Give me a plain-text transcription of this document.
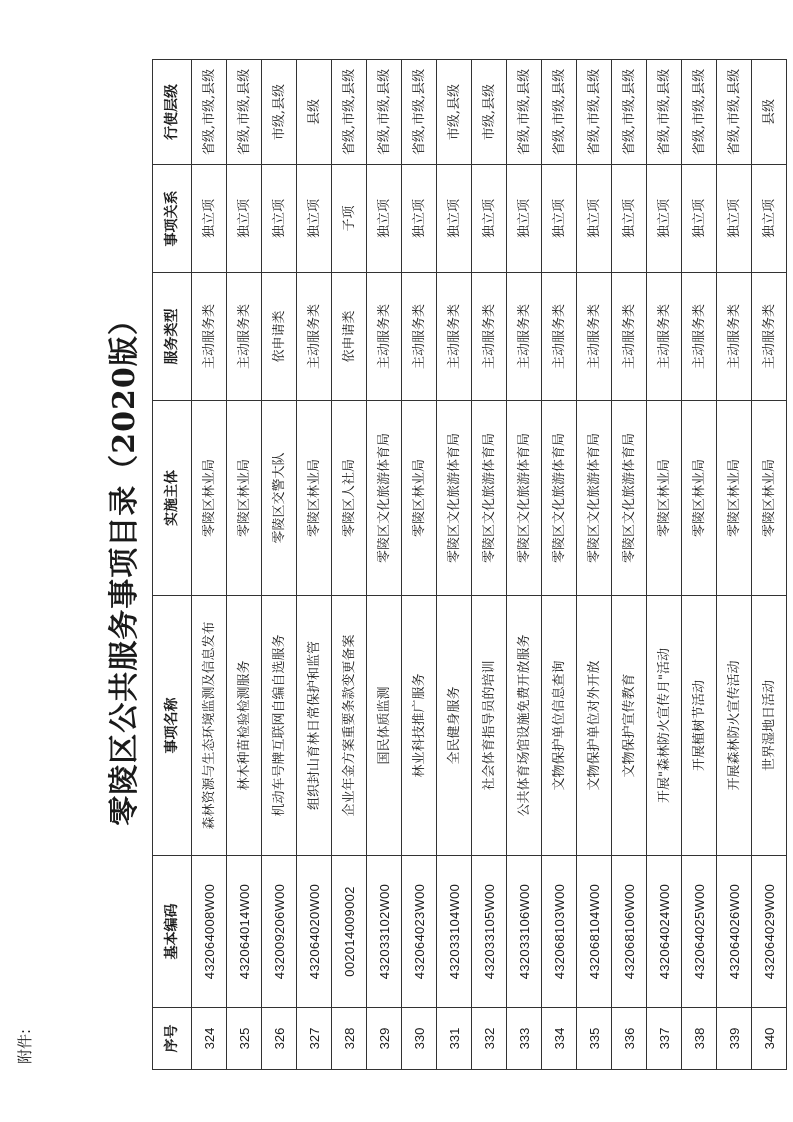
附件:
零陵区公共服务事项目录（2020版）
序号	基本编码	事项名称	实施主体	服务类型	事项关系	行使层级
324	432064008W00	森林资源与生态环境监测及信息发布	零陵区林业局	主动服务类	独立项	省级,市级,县级
325	432064014W00	林木种苗检验检测服务	零陵区林业局	主动服务类	独立项	省级,市级,县级
326	432009206W00	机动车号牌互联网自编自选服务	零陵区交警大队	依申请类	独立项	市级,县级
327	432064020W00	组织封山育林日常保护和监管	零陵区林业局	主动服务类	独立项	县级
328	002014009002	企业年金方案重要条款变更备案	零陵区人社局	依申请类	子项	省级,市级,县级
329	432033102W00	国民体质监测	零陵区文化旅游体育局	主动服务类	独立项	省级,市级,县级
330	432064023W00	林业科技推广服务	零陵区林业局	主动服务类	独立项	省级,市级,县级
331	432033104W00	全民健身服务	零陵区文化旅游体育局	主动服务类	独立项	市级,县级
332	432033105W00	社会体育指导员的培训	零陵区文化旅游体育局	主动服务类	独立项	市级,县级
333	432033106W00	公共体育场馆设施免费开放服务	零陵区文化旅游体育局	主动服务类	独立项	省级,市级,县级
334	432068103W00	文物保护单位信息查询	零陵区文化旅游体育局	主动服务类	独立项	省级,市级,县级
335	432068104W00	文物保护单位对外开放	零陵区文化旅游体育局	主动服务类	独立项	省级,市级,县级
336	432068106W00	文物保护宣传教育	零陵区文化旅游体育局	主动服务类	独立项	省级,市级,县级
337	432064024W00	开展"森林防火宣传月"活动	零陵区林业局	主动服务类	独立项	省级,市级,县级
338	432064025W00	开展植树节活动	零陵区林业局	主动服务类	独立项	省级,市级,县级
339	432064026W00	开展森林防火宣传活动	零陵区林业局	主动服务类	独立项	省级,市级,县级
340	432064029W00	世界湿地日活动	零陵区林业局	主动服务类	独立项	县级
